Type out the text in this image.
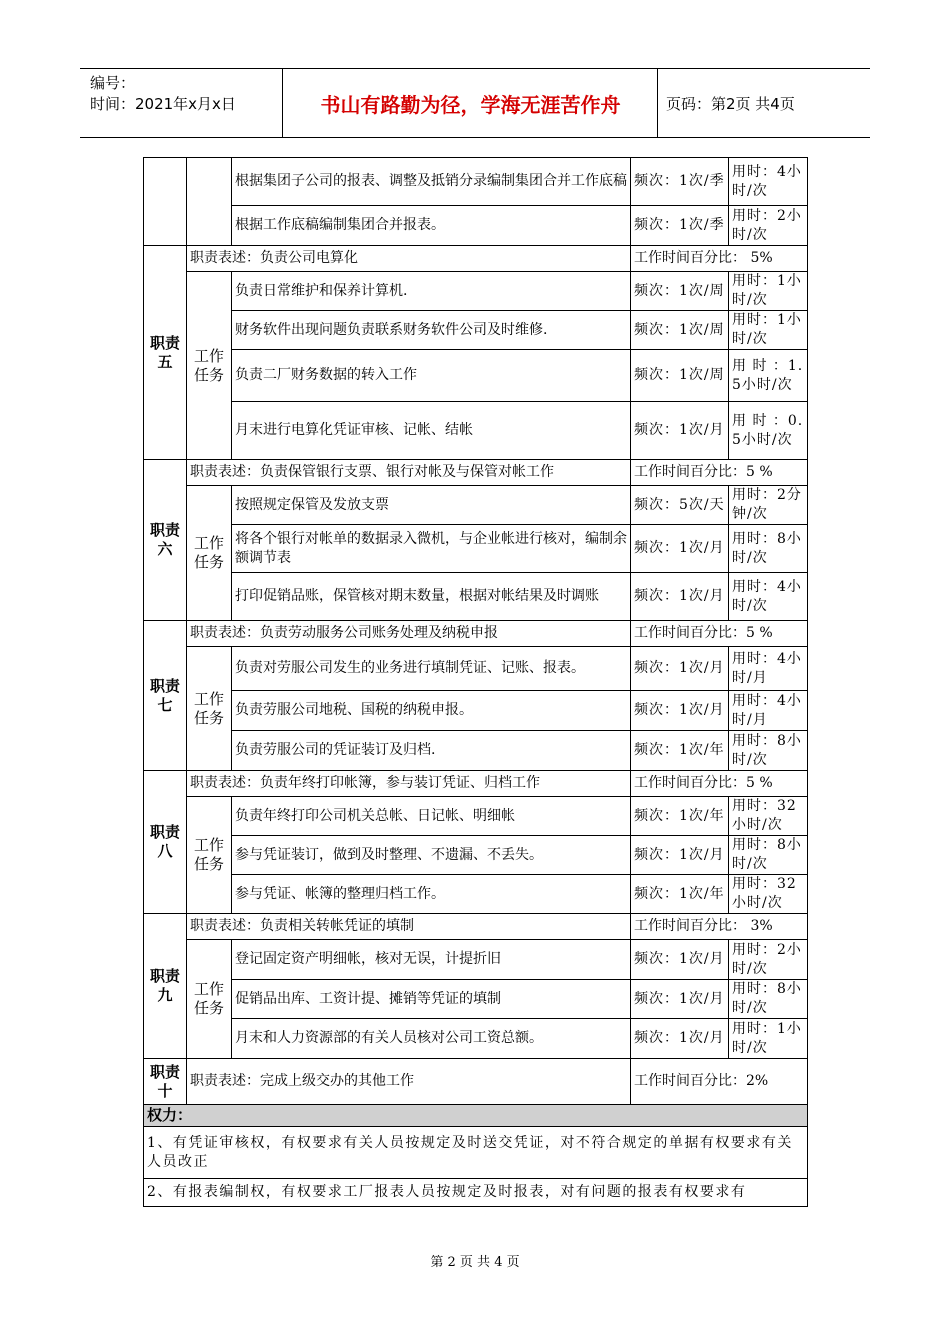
编号：
时间：2021年x月x日	书山有路勤为径，学海无涯苦作舟	页码：第2页 共4页
		根据集团子公司的报表、调整及抵销分录编制集团合并工作底稿	频次：1次/季	用时：4小时/次
		根据工作底稿编制集团合并报表。	频次：1次/季	用时：2小时/次
职责五	职责表述：负责公司电算化		工作时间百分比： 5%	
	工作任务	负责日常维护和保养计算机.	频次：1次/周	用时：1小时/次
		财务软件出现问题负责联系财务软件公司及时维修.	频次：1次/周	用时：1小时/次
		负责二厂财务数据的转入工作	频次：1次/周	用 时 ：1.5小时/次
		月末进行电算化凭证审核、记帐、结帐	频次：1次/月	用 时 ：0.5小时/次
职责六	职责表述：负责保管银行支票、银行对帐及与保管对帐工作		工作时间百分比：5 %	
	工作任务	按照规定保管及发放支票	频次：5次/天	用时：2分钟/次
		将各个银行对帐单的数据录入微机，与企业帐进行核对，编制余额调节表	频次：1次/月	用时：8小时/次
		打印促销品账，保管核对期末数量，根据对帐结果及时调账	频次：1次/月	用时：4小时/次
职责七	职责表述：负责劳动服务公司账务处理及纳税申报		工作时间百分比：5 %	
	工作任务	负责对劳服公司发生的业务进行填制凭证、记账、报表。	频次：1次/月	用时：4小时/月
		负责劳服公司地税、国税的纳税申报。	频次：1次/月	用时：4小时/月
		负责劳服公司的凭证装订及归档.	频次：1次/年	用时：8小时/次
职责八	职责表述：负责年终打印帐簿，参与装订凭证、归档工作		工作时间百分比：5 %	
	工作任务	负责年终打印公司机关总帐、日记帐、明细帐	频次：1次/年	用时：32小时/次
		参与凭证装订，做到及时整理、不遗漏、不丢失。	频次：1次/月	用时：8小时/次
		参与凭证、帐簿的整理归档工作。	频次：1次/年	用时：32小时/次
职责九	职责表述：负责相关转帐凭证的填制		工作时间百分比： 3%	
	工作任务	登记固定资产明细帐，核对无误，计提折旧	频次：1次/月	用时：2小时/次
		促销品出库、工资计提、摊销等凭证的填制	频次：1次/月	用时：8小时/次
		月末和人力资源部的有关人员核对公司工资总额。	频次：1次/月	用时：1小时/次
职责十	职责表述：完成上级交办的其他工作		工作时间百分比：2%	
权力：				
1、有凭证审核权，有权要求有关人员按规定及时送交凭证，对不符合规定的单据有权要求有关人员改正				
2、有报表编制权，有权要求工厂报表人员按规定及时报表，对有问题的报表有权要求有				
第 2 页 共 4 页
